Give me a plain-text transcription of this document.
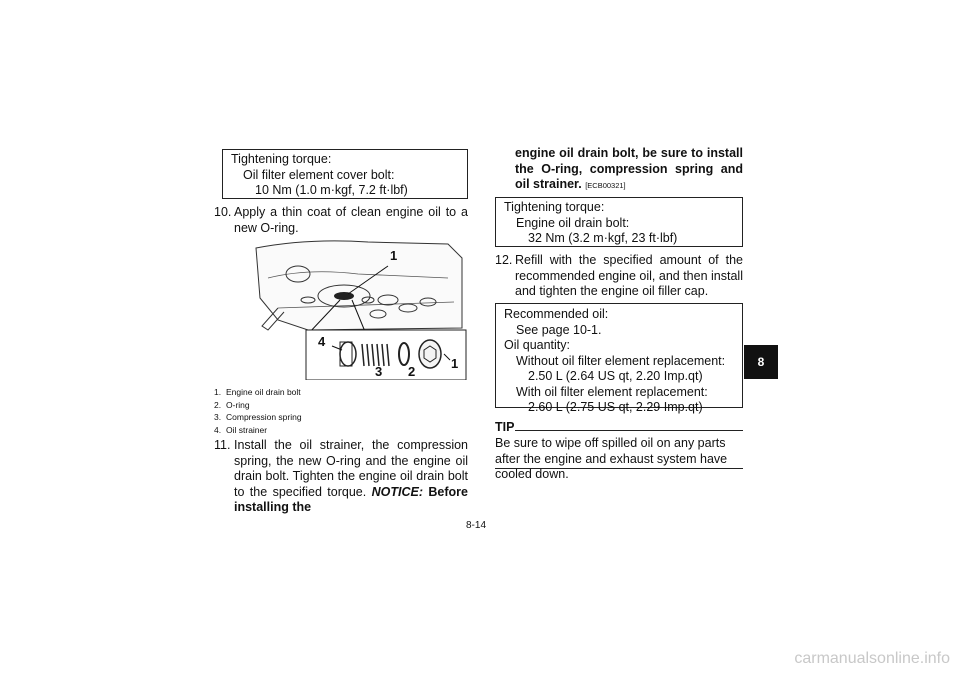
Tightening torque:
Oil filter element cover bolt:
10 Nm (1.0 m·kgf, 7.2 ft·lbf)
10. Apply a thin coat of clean engine oil to a new O-ring.
1
4
3 2
1
1. Engine oil drain bolt
2. O-ring
3. Compression spring
4. Oil strainer
11. Install the oil strainer, the compression spring, the new O-ring and the engine oil drain bolt. Tighten the engine oil drain bolt to the specified torque. NOTICE: Before installing the
engine oil drain bolt, be sure to install the O-ring, compression spring and oil strainer. [ECB00321]
Tightening torque:
Engine oil drain bolt:
32 Nm (3.2 m·kgf, 23 ft·lbf)
12. Refill with the specified amount of the recommended engine oil, and then install and tighten the engine oil filler cap.
Recommended oil:
See page 10-1.
Oil quantity:
Without oil filter element replacement:
2.50 L (2.64 US qt, 2.20 Imp.qt)
With oil filter element replacement:
2.60 L (2.75 US qt, 2.29 Imp.qt)
TIP
Be sure to wipe off spilled oil on any parts after the engine and exhaust system have cooled down.
8
8-14
carmanualsonline.info
